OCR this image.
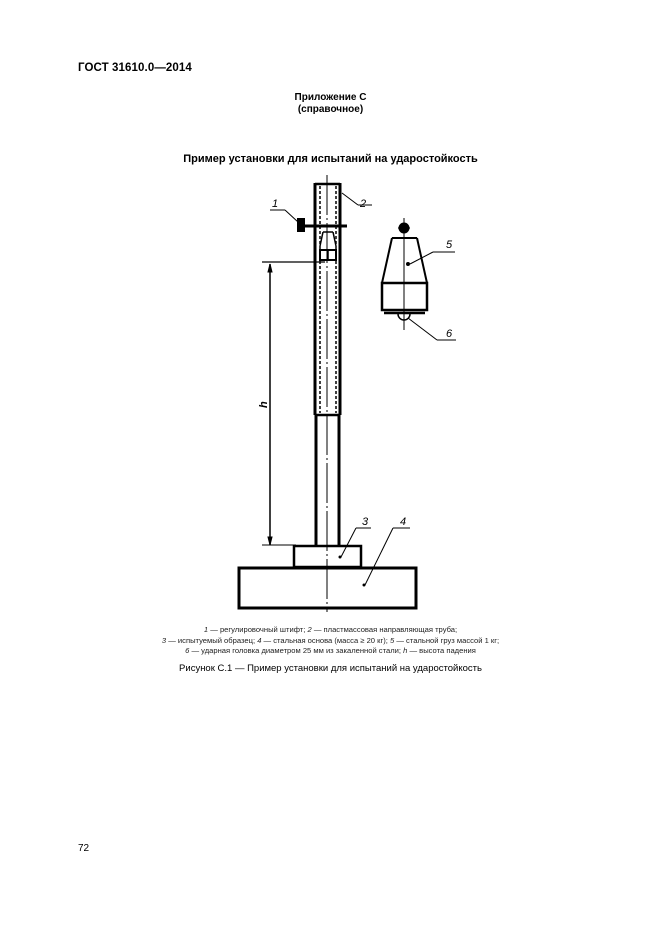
ГОСТ 31610.0—2014
Приложение С
(справочное)
Пример установки для испытаний на ударостойкость
h
1	2
5
6
3	4
1 — регулировочный штифт; 2 — пластмассовая направляющая труба;
3 — испытуемый образец; 4 — стальная основа (масса ≥ 20 кг); 5 — стальной груз массой 1 кг;
6 — ударная головка диаметром 25 мм из закаленной стали; h — высота падения
Рисунок С.1 — Пример установки для испытаний на ударостойкость
72
